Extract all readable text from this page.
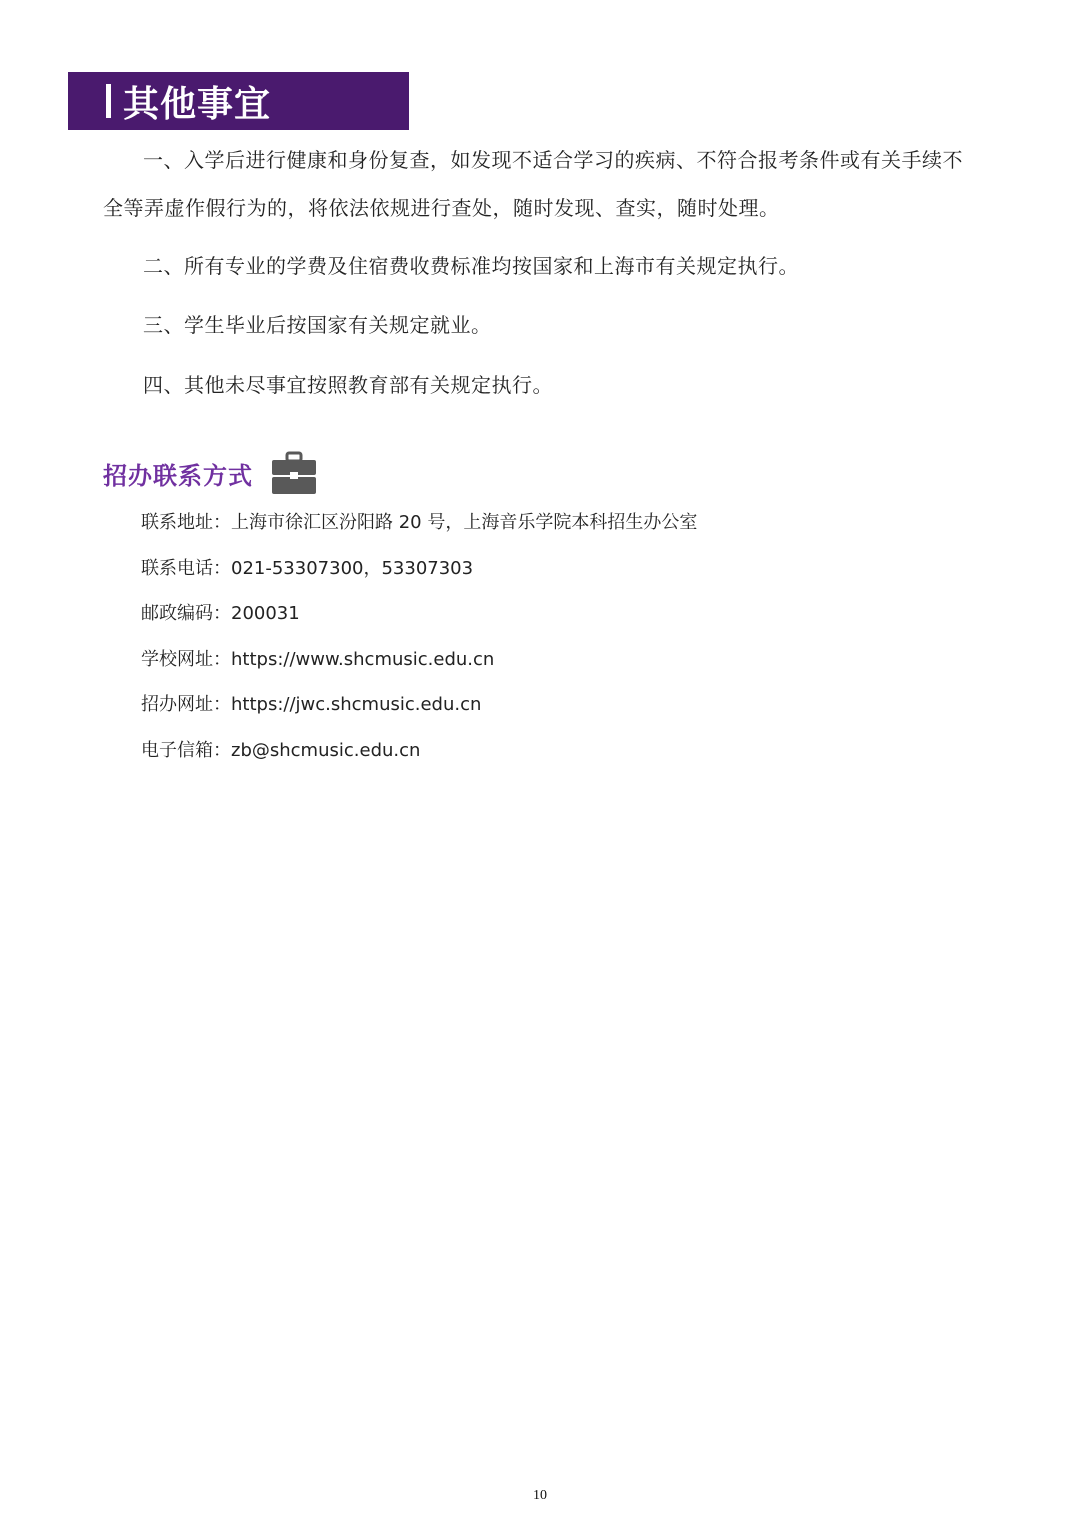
其他事宜

一、入学后进行健康和身份复查，如发现不适合学习的疾病、不符合报考条件或有关手续不全等弄虚作假行为的，将依法依规进行查处，随时发现、查实，随时处理。

二、所有专业的学费及住宿费收费标准均按国家和上海市有关规定执行。

三、学生毕业后按国家有关规定就业。

四、其他未尽事宜按照教育部有关规定执行。

招办联系方式
联系地址：上海市徐汇区汾阳路 20 号，上海音乐学院本科招生办公室
联系电话：021-53307300，53307303
邮政编码：200031
学校网址：https://www.shcmusic.edu.cn
招办网址：https://jwc.shcmusic.edu.cn
电子信箱：zb@shcmusic.edu.cn
10
